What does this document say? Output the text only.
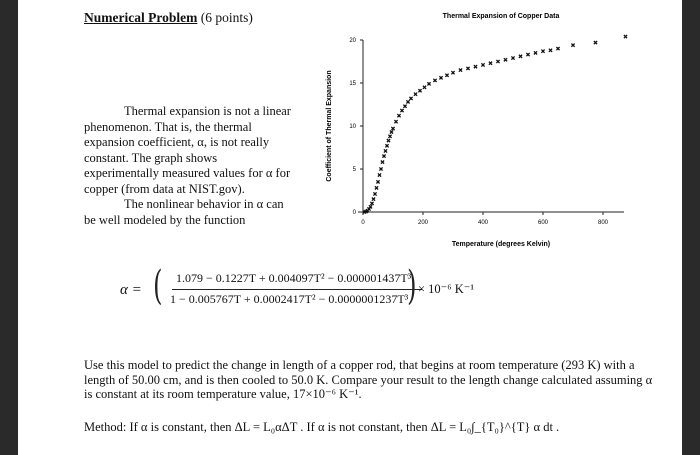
Numerical Problem (6 points)

Thermal expansion is not a linear phenomenon. That is, the thermal expansion coefficient, α, is not really constant. The graph shows experimentally measured values for α for copper (from data at NIST.gov).

The nonlinear behavior in α can be well modeled by the function

Thermal Expansion of Copper Data
0
5
10
15
20
0	200	400	600	800
Coefficient of Thermal Expansion
Temperature (degrees Kelvin)
α = ( 1.079 − 0.1227T + 0.004097T² − 0.000001437T³
1 − 0.005767T + 0.0002417T² − 0.0000001237T³
) × 10⁻⁶ K⁻¹
Use this model to predict the change in length of a copper rod, that begins at room temperature (293 K) with a length of 50.00 cm, and is then cooled to 50.0 K. Compare your result to the length change calculated assuming α is constant at its room temperature value, 17×10⁻⁶ K⁻¹.
Method: If α is constant, then ΔL = L₀αΔT . If α is not constant, then ΔL = L₀∫_{T₀}^{T} α dt .
